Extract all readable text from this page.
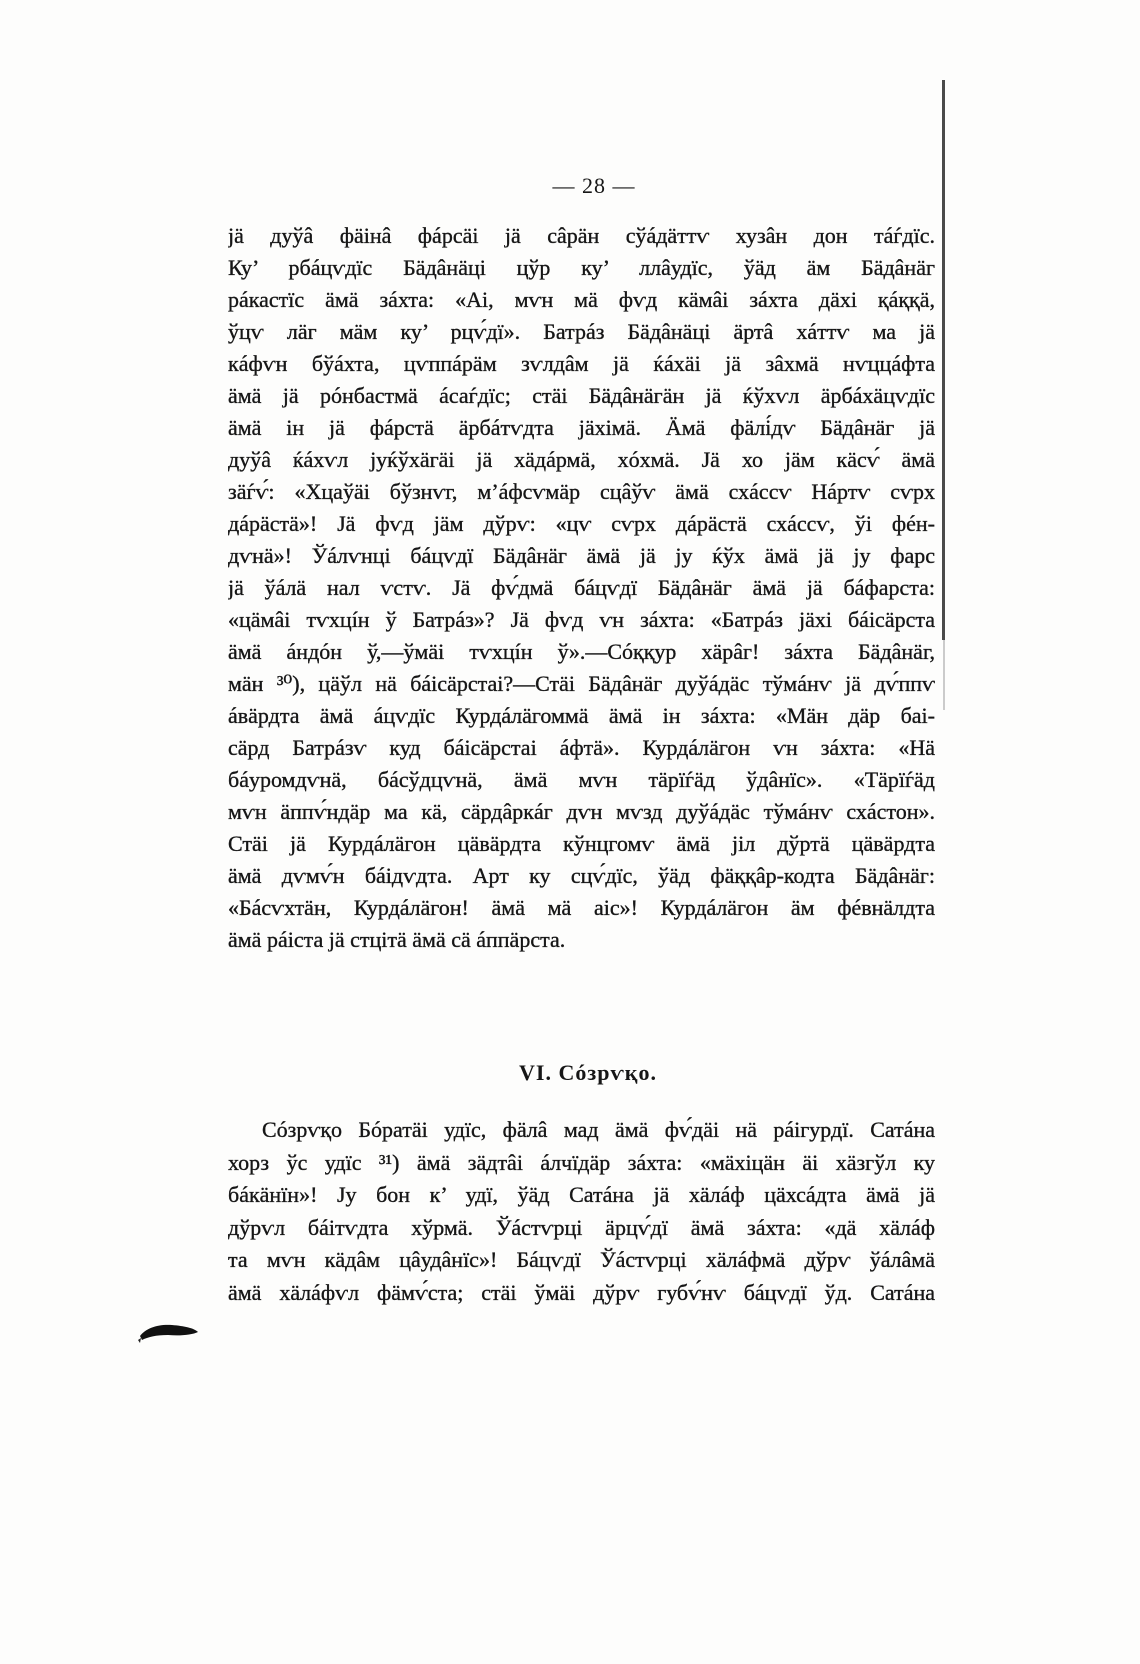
— 28 —
jä дуўâ фäінâ фáрсäі jä сâрäн сўáдäттѵ хузâн дон тáѓдїс.
Ку’ рбáцѵдїс Бäдâнäці цўр ку’ ллâудїс, ўäд äм Бäдâнäг
рáкастїс äмä зáхта: «Аі, мѵн мä фѵд кäмâі зáхта дäхі қáққä,
ўцѵ лäг мäм ку’ рцѵ́дї». Батрáз Бäдâнäці äртâ хáттѵ ма jä
кáфѵн бўáхта, цѵппáрäм зѵлдâм jä ќáхäі jä зâхмä нѵццáфта
äмä jä рóнбастмä áсаѓдїс; стäі Бäдâнäгäн jä ќўхѵл äрбáхäцѵдїс
äмä ін jä фáрстä äрбáтѵдта jäхімä. Äмä фäлі́дѵ Бäдâнäг jä
дуўâ ќáхѵл jуќўхäгäі jä хäдáрмä, хóхмä. Jä хо jäм кäсѵ́ äмä
зäѓѵ́: «Хцаўäі бўзнѵг, м’áфсѵмäр сцâўѵ äмä схáссѵ Нáртѵ сѵрх
дáрäстä»! Jä фѵд jäм дўрѵ: «цѵ сѵрх дáрäстä схáссѵ, ўі фéн-
дѵнä»! Ўáлѵнці бáцѵдї Бäдâнäг äмä jä jу ќўх äмä jä jу фарс
jä ўáлä нал ѵстѵ. Jä фѵ́дмä бáцѵдї Бäдâнäг äмä jä бáфарста:
«цäмâі тѵхцíн ў Батрáз»? Jä фѵд ѵн зáхта: «Батрáз jäхі бáісäрста
äмä áндóн ў,—ўмäі тѵхцíн ў».—Сóққур хäрâг! зáхта Бäдâнäг,
мäн ³⁰), цäўл нä бáісäрстаі?—Стäі Бäдâнäг дуўáдäс тўмáнѵ jä дѵ́ппѵ
áвäрдта äмä áцѵдїс Курдáлäгоммä äмä ін зáхта: «Мäн дäр баі-
сäрд Батрáзѵ куд бáісäрстаі áфтä». Курдáлäгон ѵн зáхта: «Нä
бáуромдѵнä, бáсўдцѵнä, äмä мѵн тäрїѓäд ўдâнїс». «Тäрїѓäд
мѵн äппѵ́ндäр ма кä, сäрдâркáг дѵн мѵзд дуўáдäс тўмáнѵ схáстон».
Стäі jä Курдáлäгон цäвäрдта кўнцгомѵ äмä jіл дўртä цäвäрдта
äмä дѵмѵ́н бáідѵдта. Арт ку сцѵ́дїс, ўäд фäққâр-кодта Бäдâнäг:
«Бáсѵхтäн, Курдáлäгон! äмä мä аіс»! Курдáлäгон äм фéвнäлдта
äмä рáіста jä стцітä äмä сä áппäрста.
VI. Сóзрѵқо.
Сóзрѵқо Бóратäі удїс, фäлâ мад äмä фѵ́дäі нä рáігурдї. Сатáна
хорз ўс удїс ³¹) äмä зäдтâі áлчїдäр зáхта: «мäхіцäн äі хäзгўл ку
бáкäнїн»! Jу бон к’ удї, ўäд Сатáна jä хäлáф цäхсáдта äмä jä
дўрѵл бáітѵдта хўрмä. Ўáстѵрці äрцѵ́дї äмä зáхта: «дä хäлáф
та мѵн кäдâм цâудâнїс»! Бáцѵдї Ўáстѵрці хäлáфмä дўрѵ ўáлâмä
äмä хäлáфѵл фäмѵ́ста; стäі ўмäі дўрѵ губѵ́нѵ бáцѵдї ўд. Сатáна
